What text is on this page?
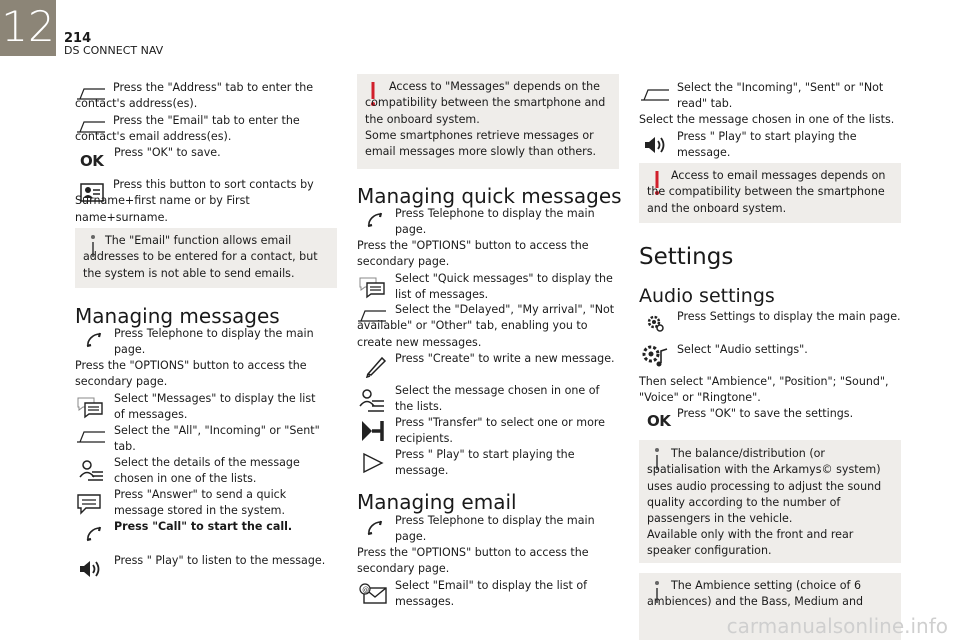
12 214
DS CONNECT NAV
Press the "Address" tab to enter the contact's address(es).
Press the "Email" tab to enter the contact's email address(es).
OK Press "OK" to save.
Press this button to sort contacts by Surname+first name or by First name+surname.
The "Email" function allows email addresses to be entered for a contact, but the system is not able to send emails.
Managing messages
Press Telephone to display the main page.
Press the "OPTIONS" button to access the secondary page.
Select "Messages" to display the list of messages.
Select the "All", "Incoming" or "Sent" tab.
Select the details of the message chosen in one of the lists.
Press "Answer" to send a quick message stored in the system.
Press "Call" to start the call.
Press " Play" to listen to the message.
Access to "Messages" depends on the compatibility between the smartphone and the onboard system.
Some smartphones retrieve messages or email messages more slowly than others.
Managing quick messages
Press Telephone to display the main page.
Press the "OPTIONS" button to access the secondary page.
Select "Quick messages" to display the list of messages.
Select the "Delayed", "My arrival", "Not available" or "Other" tab, enabling you to create new messages.
Press "Create" to write a new message.
Select the message chosen in one of the lists.
Press "Transfer" to select one or more recipients.
Press " Play" to start playing the message.
Managing email
Press Telephone to display the main page.
Press the "OPTIONS" button to access the secondary page.
@ Select "Email" to display the list of messages.
Select the "Incoming", "Sent" or "Not read" tab.
Select the message chosen in one of the lists.
Press " Play" to start playing the message.
Access to email messages depends on the compatibility between the smartphone and the onboard system.
Settings
Audio settings
Press Settings to display the main page.
Select "Audio settings".
Then select "Ambience", "Position"; "Sound", "Voice" or "Ringtone".
OK Press "OK" to save the settings.
The balance/distribution (or spatialisation with the Arkamys© system) uses audio processing to adjust the sound quality according to the number of passengers in the vehicle.
Available only with the front and rear speaker configuration.
The Ambience setting (choice of 6 ambiences) and the Bass, Medium and
carmanualsonline.info
